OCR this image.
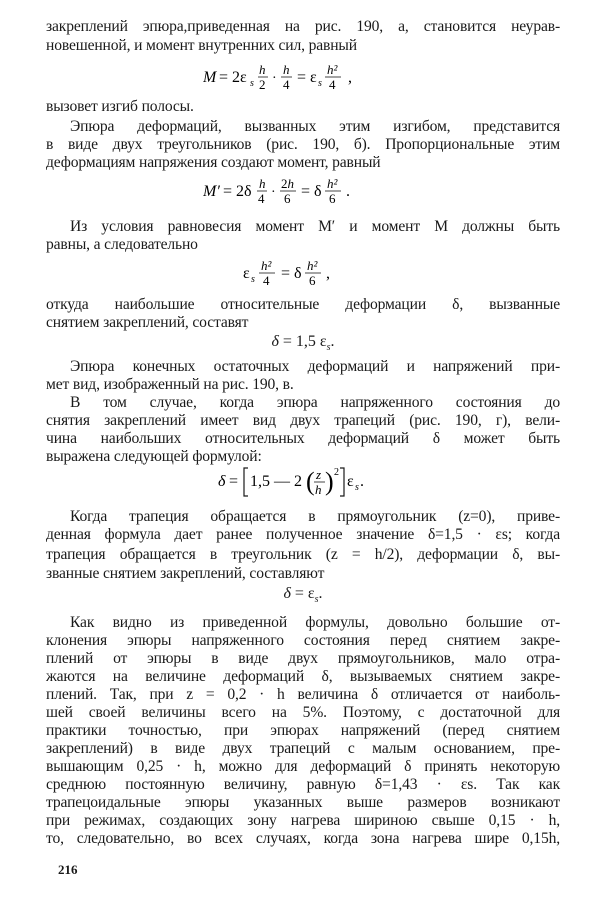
закреплений эпюра,приведенная на рис. 190, а, становится неурав-
новешенной, и момент внутренних сил, равный
M = 2ε s
h
2 ·
h
4 = ε s
h²
4 ,
вызовет изгиб полосы.
Эпюра деформаций, вызванных этим изгибом, представится
в виде двух треугольников (рис. 190, б). Пропорциональные этим
деформациям напряжения создают момент, равный
M′ = 2δ h
4 ·
2h
6 = δ h²
6 .
Из условия равновесия момент M′ и момент M должны быть
равны, а следовательно
ε s
h²
4 = δ h²
6 ,
откуда наибольшие относительные деформации δ, вызванные
снятием закреплений, составят
δ = 1,5 $\varepsilon_s$.
Эпюра конечных остаточных деформаций и напряжений при-
мет вид, изображенный на рис. 190, в.
В том случае, когда эпюра напряженного состояния до
снятия закреплений имеет вид двух трапеций (рис. 190, г), вели-
чина наибольших относительных деформаций δ может быть
выражена следующей формулой:
δ = 1,5 — 2 ( z
h ) 2
ε s .
Когда трапеция обращается в прямоугольник (z=0), приве-
денная формула дает ранее полученное значение δ=1,5 · εs; когда
трапеция обращается в треугольник (z = h/2), деформации δ, вы-
званные снятием закреплений, составляют
$\delta = \varepsilon_s$.
Как видно из приведенной формулы, довольно большие от-
клонения эпюры напряженного состояния перед снятием закре-
плений от эпюры в виде двух прямоугольников, мало отра-
жаются на величине деформаций δ, вызываемых снятием закре-
плений. Так, при z = 0,2 · h величина δ отличается от наиболь-
шей своей величины всего на 5%. Поэтому, с достаточной для
практики точностью, при эпюрах напряжений (перед снятием
закреплений) в виде двух трапеций с малым основанием, пре-
вышающим 0,25 · h, можно для деформаций δ принять некоторую
среднюю постоянную величину, равную δ=1,43 · εs. Так как
трапецоидальные эпюры указанных выше размеров возникают
при режимах, создающих зону нагрева шириною свыше 0,15 · h,
то, следовательно, во всех случаях, когда зона нагрева шире 0,15h,
216
